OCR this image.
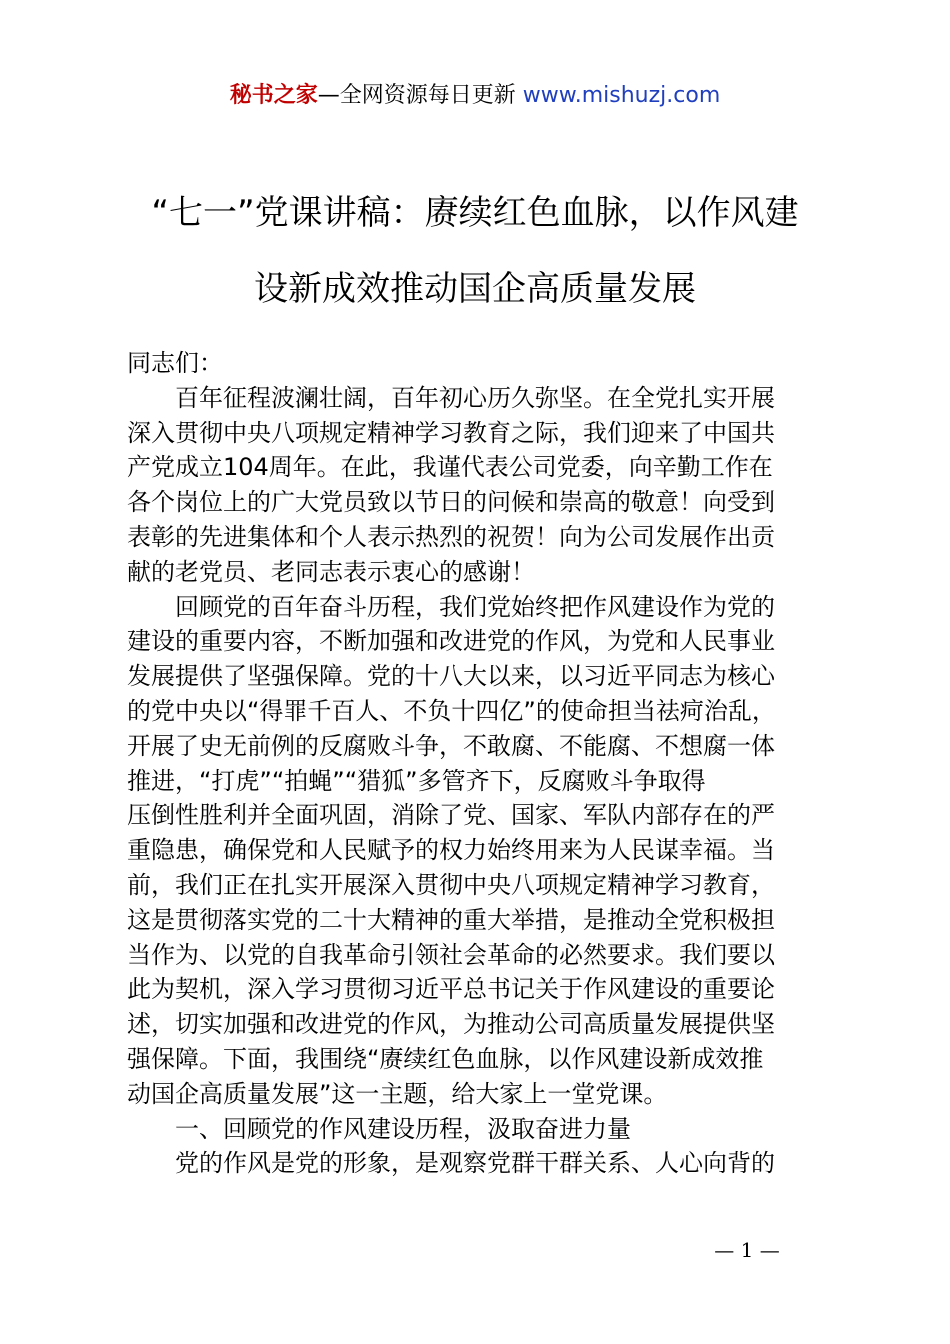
秘书之家—全网资源每日更新 www.mishuzj.com
“七一”党课讲稿：赓续红色血脉，以作风建
设新成效推动国企高质量发展
同志们：
百年征程波澜壮阔，百年初心历久弥坚。在全党扎实开展
深入贯彻中央八项规定精神学习教育之际，我们迎来了中国共
产党成立104周年。在此，我谨代表公司党委，向辛勤工作在
各个岗位上的广大党员致以节日的问候和崇高的敬意！向受到
表彰的先进集体和个人表示热烈的祝贺！向为公司发展作出贡
献的老党员、老同志表示衷心的感谢！
回顾党的百年奋斗历程，我们党始终把作风建设作为党的
建设的重要内容，不断加强和改进党的作风，为党和人民事业
发展提供了坚强保障。党的十八大以来，以习近平同志为核心
的党中央以“得罪千百人、不负十四亿”的使命担当祛疴治乱，
开展了史无前例的反腐败斗争，不敢腐、不能腐、不想腐一体
推进，“打虎”“拍蝇”“猎狐”多管齐下，反腐败斗争取得
压倒性胜利并全面巩固，消除了党、国家、军队内部存在的严
重隐患，确保党和人民赋予的权力始终用来为人民谋幸福。当
前，我们正在扎实开展深入贯彻中央八项规定精神学习教育，
这是贯彻落实党的二十大精神的重大举措，是推动全党积极担
当作为、以党的自我革命引领社会革命的必然要求。我们要以
此为契机，深入学习贯彻习近平总书记关于作风建设的重要论
述，切实加强和改进党的作风，为推动公司高质量发展提供坚
强保障。下面，我围绕“赓续红色血脉，以作风建设新成效推
动国企高质量发展”这一主题，给大家上一堂党课。
一、回顾党的作风建设历程，汲取奋进力量
党的作风是党的形象，是观察党群干群关系、人心向背的
— 1 —
